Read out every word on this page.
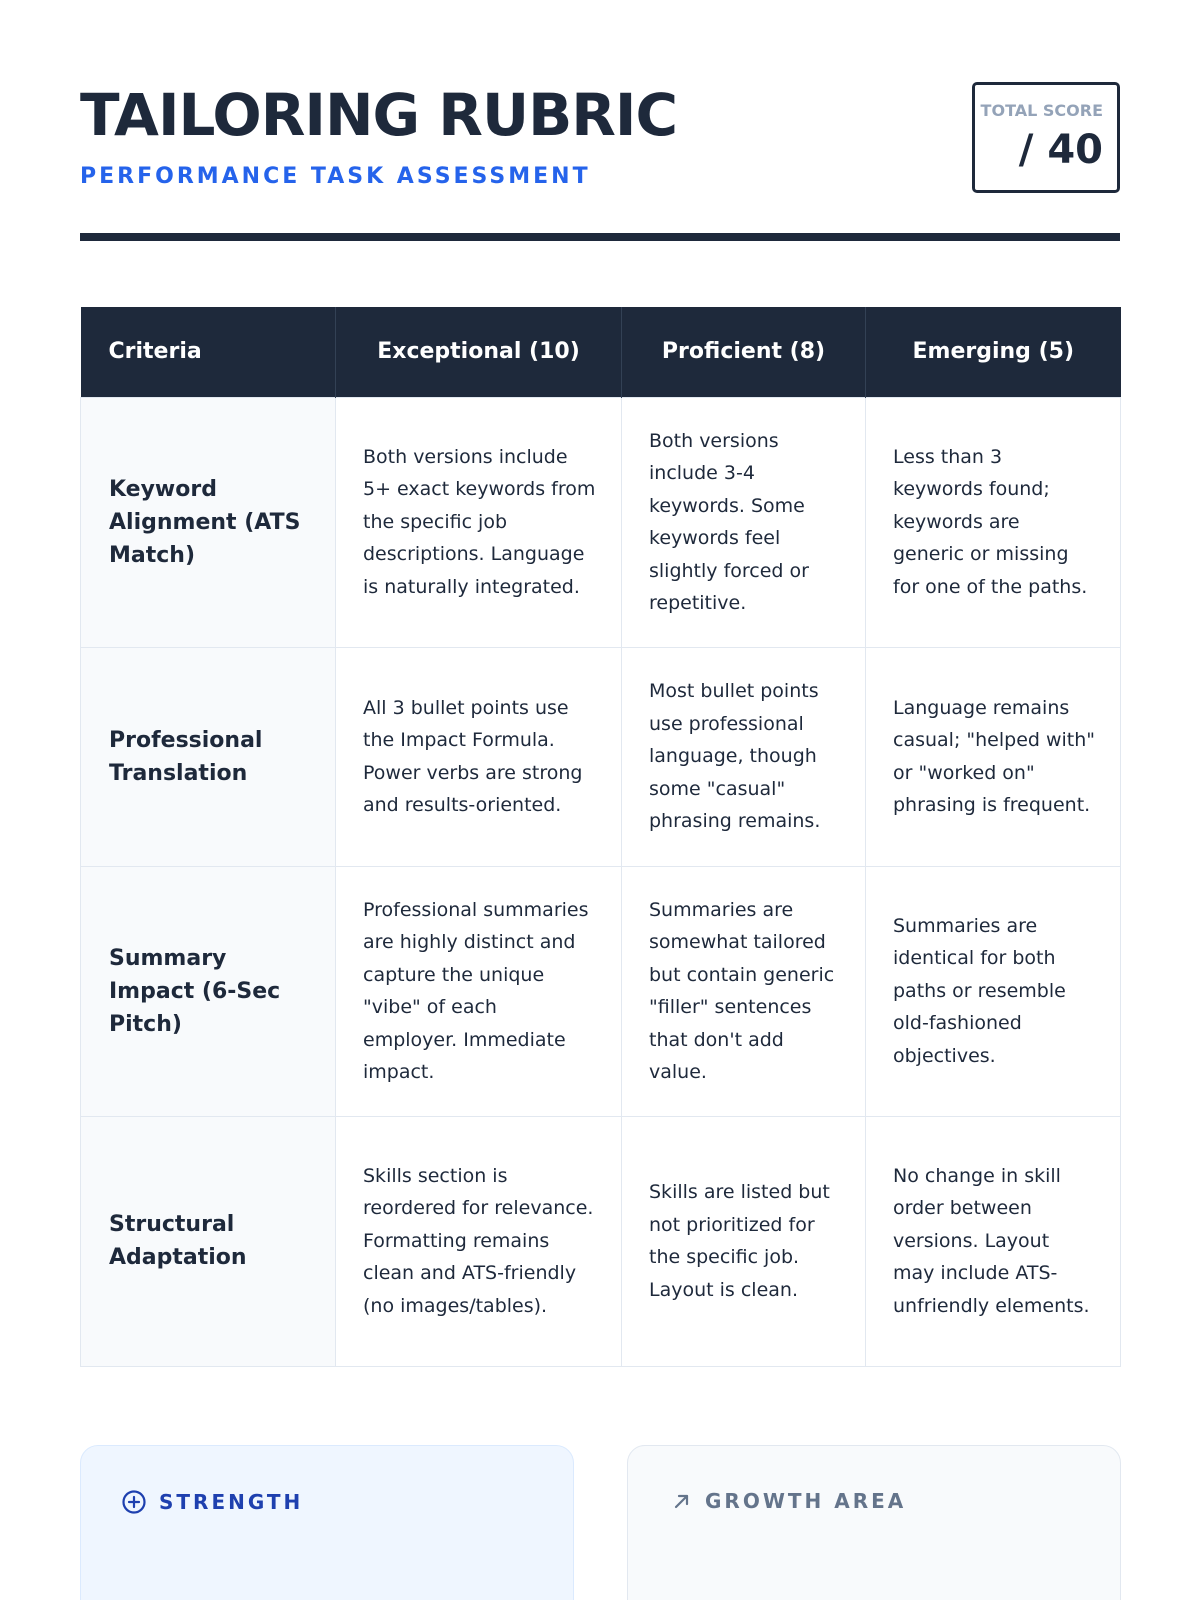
TAILORING RUBRIC
PERFORMANCE TASK ASSESSMENT
TOTAL SCORE
/ 40
Criteria	Exceptional (10)	Proficient (8)	Emerging (5)
Keyword Alignment (ATS Match)	Both versions include 5+ exact keywords from the specific job descriptions. Language is naturally integrated.	Both versions include 3-4 keywords. Some keywords feel slightly forced or repetitive.	Less than 3 keywords found; keywords are generic or missing for one of the paths.
Professional Translation	All 3 bullet points use the Impact Formula. Power verbs are strong and results-oriented.	Most bullet points use professional language, though some "casual" phrasing remains.	Language remains casual; "helped with" or "worked on" phrasing is frequent.
Summary Impact (6-Sec Pitch)	Professional summaries are highly distinct and capture the unique "vibe" of each employer. Immediate impact.	Summaries are somewhat tailored but contain generic "filler" sentences that don't add value.	Summaries are identical for both paths or resemble old-fashioned objectives.
Structural Adaptation	Skills section is reordered for relevance. Formatting remains clean and ATS-friendly (no images/tables).	Skills are listed but not prioritized for the specific job. Layout is clean.	No change in skill order between versions. Layout may include ATS-unfriendly elements.
STRENGTH	GROWTH AREA
